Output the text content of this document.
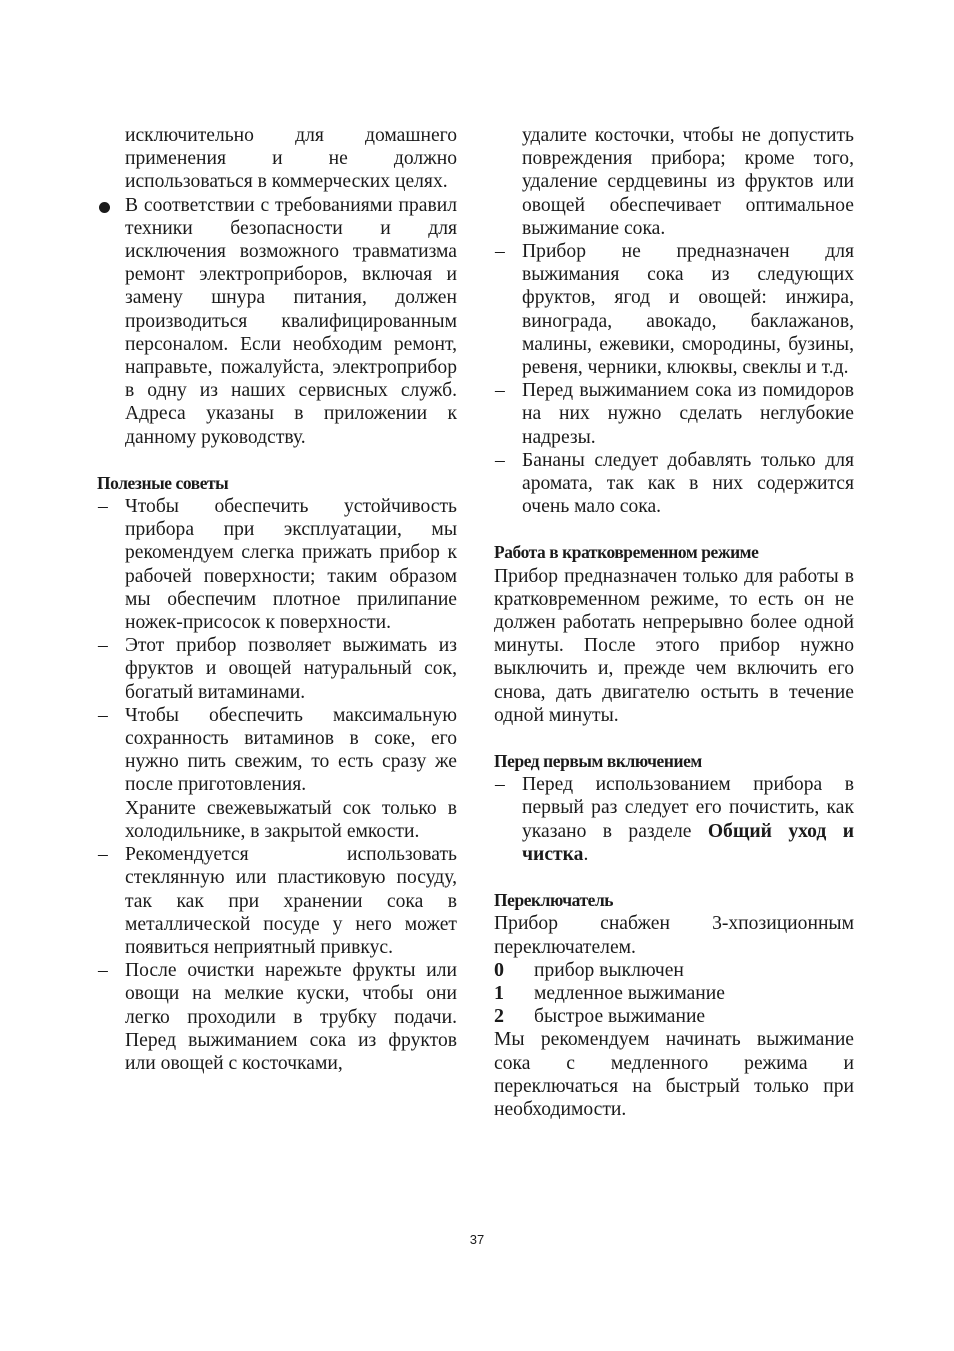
исключительно для домашнего применения и не должно использоваться в коммерческих целях.

В соответствии с требованиями правил техники безопасности и для исключения возможного травматизма ремонт электроприборов, включая и замену шнура питания, должен производиться квалифицированным персоналом. Если необходим ремонт, направьте, пожалуйста, электроприбор в одну из наших сервисных служб. Адреса указаны в приложении к данному руководству.

Полезные советы

– Чтобы обеспечить устойчивость прибора при эксплуатации, мы рекомендуем слегка прижать прибор к рабочей поверхности; таким образом мы обеспечим плотное прилипание ножек-присосок к поверхности.
– Этот прибор позволяет выжимать из фруктов и овощей натуральный сок, богатый витаминами.
– Чтобы обеспечить максимальную сохранность витаминов в соке, его нужно пить свежим, то есть сразу же после приготовления.
Храните свежевыжатый сок только в холодильнике, в закрытой емкости.
– Рекомендуется использовать стеклянную или пластиковую посуду, так как при хранении сока в металлической посуде у него может появиться неприятный привкус.
– После очистки нарежьте фрукты или овощи на мелкие куски, чтобы они легко проходили в трубку подачи. Перед выжиманием сока из фруктов или овощей с косточками,

удалите косточки, чтобы не допустить повреждения прибора; кроме того, удаление сердцевины из фруктов или овощей обеспечивает оптимальное выжимание сока.

– Прибор не предназначен для выжимания сока из следующих фруктов, ягод и овощей: инжира, винограда, авокадо, баклажанов, малины, ежевики, смородины, бузины, ревеня, черники, клюквы, свеклы и т.д.
– Перед выжиманием сока из помидоров на них нужно сделать неглубокие надрезы.
– Бананы следует добавлять только для аромата, так как в них содержится очень мало сока.

Работа в кратковременном режиме

Прибор предназначен только для работы в кратковременном режиме, то есть он не должен работать непрерывно более одной минуты. После этого прибор нужно выключить и, прежде чем включить его снова, дать двигателю остыть в течение одной минуты.

Перед первым включением

– Перед использованием прибора в первый раз следует его почистить, как указано в разделе Общий уход и чистка.

Переключатель

Прибор снабжен 3-хпозиционным переключателем.

0	прибор выключен
1	медленное выжимание
2	быстрое выжимание

Мы рекомендуем начинать выжимание сока с медленного режима и переключаться на быстрый только при необходимости.

37
